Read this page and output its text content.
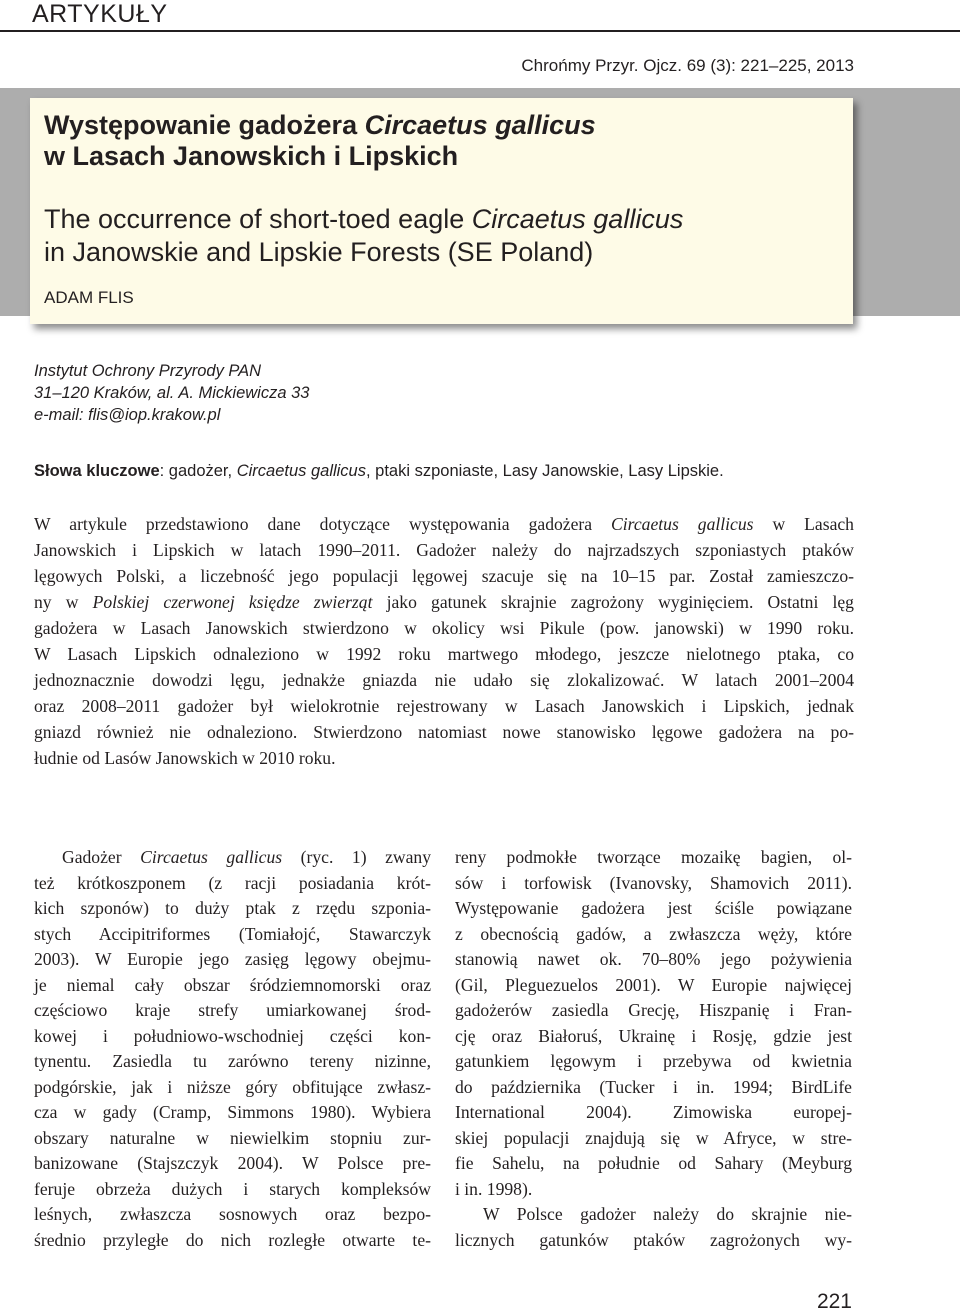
ARTYKUŁY
Chrońmy Przyr. Ojcz. 69 (3): 221–225, 2013
Występowanie gadożera Circaetus gallicus
w Lasach Janowskich i Lipskich
The occurrence of short-toed eagle Circaetus gallicus
in Janowskie and Lipskie Forests (SE Poland)
ADAM FLIS
Instytut Ochrony Przyrody PAN
31–120 Kraków, al. A. Mickiewicza 33
e-mail: flis@iop.krakow.pl
Słowa kluczowe: gadożer, Circaetus gallicus, ptaki szponiaste, Lasy Janowskie, Lasy Lipskie.
W artykule przedstawiono dane dotyczące występowania gadożera Circaetus gallicus w Lasach
Janowskich i Lipskich w latach 1990–2011. Gadożer należy do najrzadszych szponiastych ptaków
lęgowych Polski, a liczebność jego populacji lęgowej szacuje się na 10–15 par. Został zamieszczo-
ny w Polskiej czerwonej księdze zwierząt jako gatunek skrajnie zagrożony wyginięciem. Ostatni lęg
gadożera w Lasach Janowskich stwierdzono w okolicy wsi Pikule (pow. janowski) w 1990 roku.
W Lasach Lipskich odnaleziono w 1992 roku martwego młodego, jeszcze nielotnego ptaka, co
jednoznacznie dowodzi lęgu, jednakże gniazda nie udało się zlokalizować. W latach 2001–2004
oraz 2008–2011 gadożer był wielokrotnie rejestrowany w Lasach Janowskich i Lipskich, jednak
gniazd również nie odnaleziono. Stwierdzono natomiast nowe stanowisko lęgowe gadożera na po-
łudnie od Lasów Janowskich w 2010 roku.
Gadożer Circaetus gallicus (ryc. 1) zwany
też krótkoszponem (z racji posiadania krót-
kich szponów) to duży ptak z rzędu szponia-
stych Accipitriformes (Tomiałojć, Stawarczyk
2003). W Europie jego zasięg lęgowy obejmu-
je niemal cały obszar śródziemnomorski oraz
częściowo kraje strefy umiarkowanej środ-
kowej i południowo-wschodniej części kon-
tynentu. Zasiedla tu zarówno tereny nizinne,
podgórskie, jak i niższe góry obfitujące zwłasz-
cza w gady (Cramp, Simmons 1980). Wybiera
obszary naturalne w niewielkim stopniu zur-
banizowane (Stajszczyk 2004). W Polsce pre-
feruje obrzeża dużych i starych kompleksów
leśnych, zwłaszcza sosnowych oraz bezpo-
średnio przyległe do nich rozległe otwarte te-
reny podmokłe tworzące mozaikę bagien, ol-
sów i torfowisk (Ivanovsky, Shamovich 2011).
Występowanie gadożera jest ściśle powiązane
z obecnością gadów, a zwłaszcza węży, które
stanowią nawet ok. 70–80% jego pożywienia
(Gil, Pleguezuelos 2001). W Europie najwięcej
gadożerów zasiedla Grecję, Hiszpanię i Fran-
cję oraz Białoruś, Ukrainę i Rosję, gdzie jest
gatunkiem lęgowym i przebywa od kwietnia
do października (Tucker i in. 1994; BirdLife
International 2004). Zimowiska europej-
skiej populacji znajdują się w Afryce, w stre-
fie Sahelu, na południe od Sahary (Meyburg
i in. 1998).
W Polsce gadożer należy do skrajnie nie-
licznych gatunków ptaków zagrożonych wy-
221
